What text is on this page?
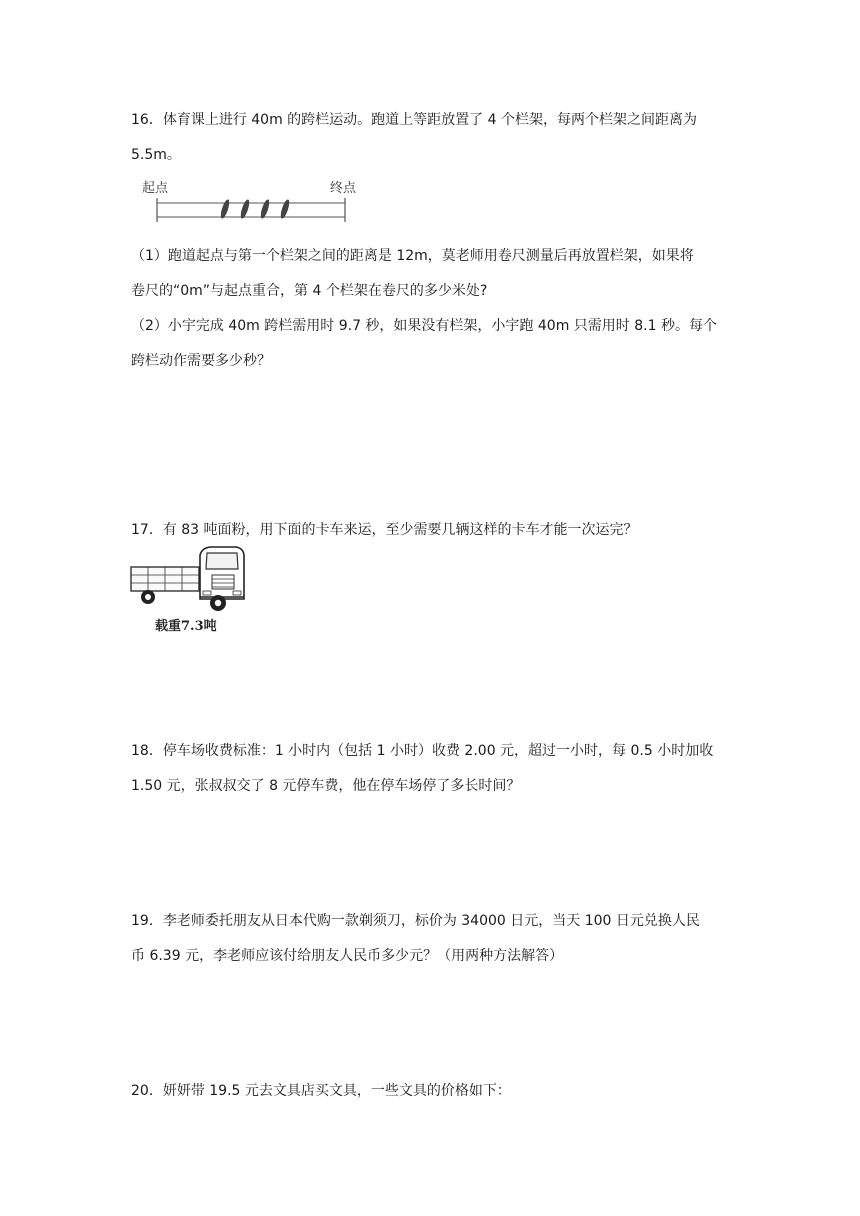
16．体育课上进行 40m 的跨栏运动。跑道上等距放置了 4 个栏架，每两个栏架之间距离为
5.5m。
起点	终点
（1）跑道起点与第一个栏架之间的距离是 12m，莫老师用卷尺测量后再放置栏架，如果将
卷尺的“0m”与起点重合，第 4 个栏架在卷尺的多少米处?
（2）小宇完成 40m 跨栏需用时 9.7 秒，如果没有栏架，小宇跑 40m 只需用时 8.1 秒。每个
跨栏动作需要多少秒？
17．有 83 吨面粉，用下面的卡车来运，至少需要几辆这样的卡车才能一次运完？
载重7.3吨
18．停车场收费标准：1 小时内（包括 1 小时）收费 2.00 元，超过一小时，每 0.5 小时加收
1.50 元，张叔叔交了 8 元停车费，他在停车场停了多长时间？
19．李老师委托朋友从日本代购一款剃须刀，标价为 34000 日元，当天 100 日元兑换人民
币 6.39 元，李老师应该付给朋友人民币多少元？（用两种方法解答）
20．妍妍带 19.5 元去文具店买文具，一些文具的价格如下：
